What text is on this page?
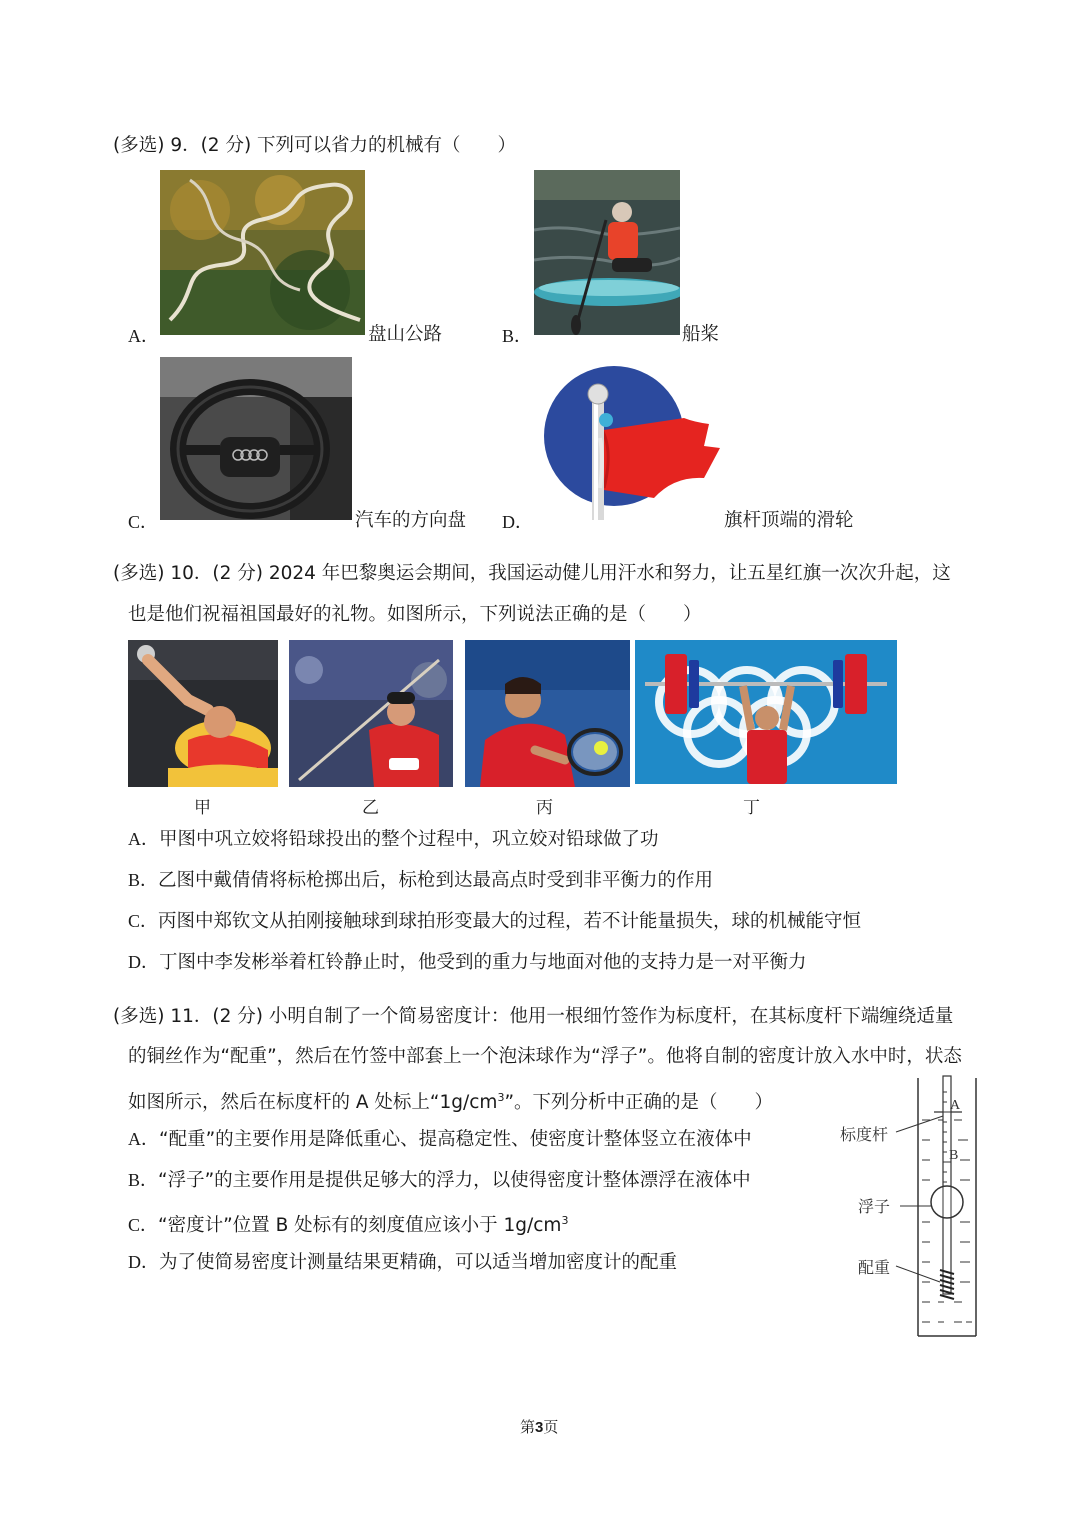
(多选) 9．(2 分) 下列可以省力的机械有（　　）
A．	盘山公路	B．	船桨
C．	汽车的方向盘 D．	旗杆顶端的滑轮
(多选) 10．(2 分) 2024 年巴黎奥运会期间，我国运动健儿用汗水和努力，让五星红旗一次次升起，这
也是他们祝福祖国最好的礼物。如图所示，下列说法正确的是（　　）
甲	乙	丙	丁
A．甲图中巩立姣将铅球投出的整个过程中，巩立姣对铅球做了功
B．乙图中戴倩倩将标枪掷出后，标枪到达最高点时受到非平衡力的作用
C．丙图中郑钦文从拍刚接触球到球拍形变最大的过程，若不计能量损失，球的机械能守恒
D．丁图中李发彬举着杠铃静止时，他受到的重力与地面对他的支持力是一对平衡力
(多选) 11．(2 分) 小明自制了一个简易密度计：他用一根细竹签作为标度杆，在其标度杆下端缠绕适量
的铜丝作为“配重”，然后在竹签中部套上一个泡沫球作为“浮子”。他将自制的密度计放入水中时，状态
如图所示，然后在标度杆的 A 处标上“$1g/cm^3$”。下列分析中正确的是（　　）
A．“配重”的主要作用是降低重心、提高稳定性、使密度计整体竖立在液体中
B．“浮子”的主要作用是提供足够大的浮力，以使得密度计整体漂浮在液体中
C．“密度计”位置 B 处标有的刻度值应该小于 $1g/cm^3$
D．为了使简易密度计测量结果更精确，可以适当增加密度计的配重
标度杆
浮子
配重
A
B
第3页
